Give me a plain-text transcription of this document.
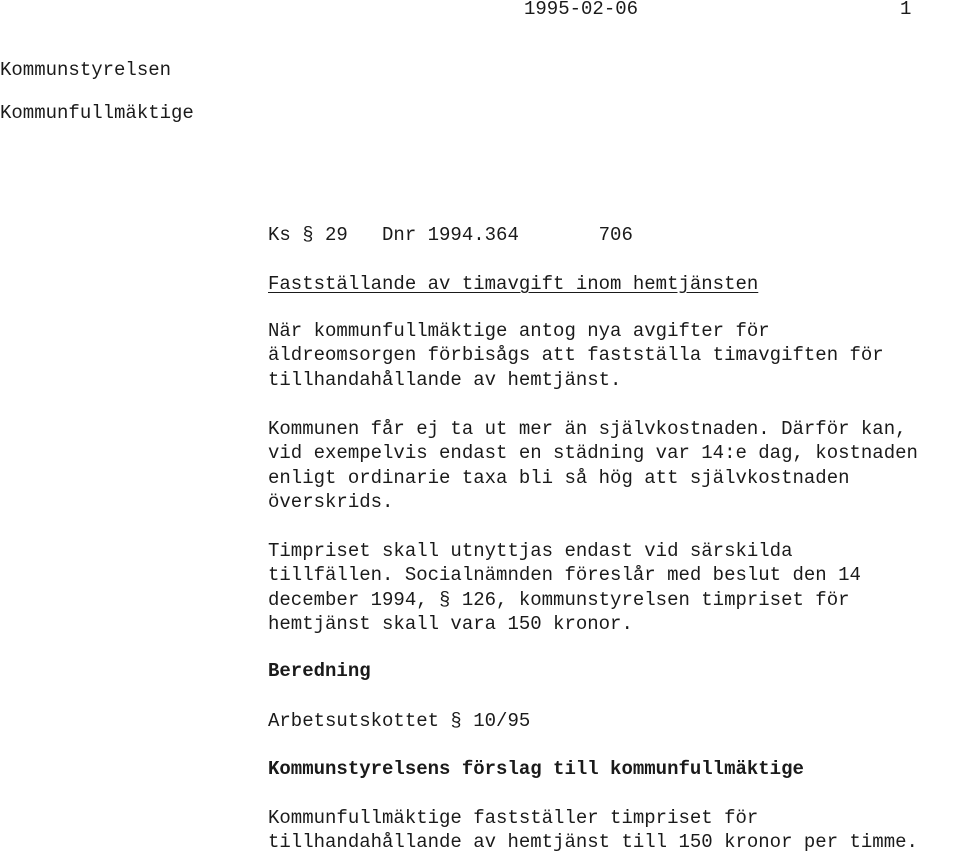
1995-02-06	1
Kommunstyrelsen
Kommunfullmäktige
Ks § 29   Dnr 1994.364       706
Fastställande av timavgift inom hemtjänsten
När kommunfullmäktige antog nya avgifter för
äldreomsorgen förbisågs att fastställa timavgiften för
tillhandahållande av hemtjänst.
Kommunen får ej ta ut mer än självkostnaden. Därför kan,
vid exempelvis endast en städning var 14:e dag, kostnaden
enligt ordinarie taxa bli så hög att självkostnaden
överskrids.
Timpriset skall utnyttjas endast vid särskilda
tillfällen. Socialnämnden föreslår med beslut den 14
december 1994, § 126, kommunstyrelsen timpriset för
hemtjänst skall vara 150 kronor.
Beredning
Arbetsutskottet § 10/95
Kommunstyrelsens förslag till kommunfullmäktige
Kommunfullmäktige fastställer timpriset för
tillhandahållande av hemtjänst till 150 kronor per timme.
